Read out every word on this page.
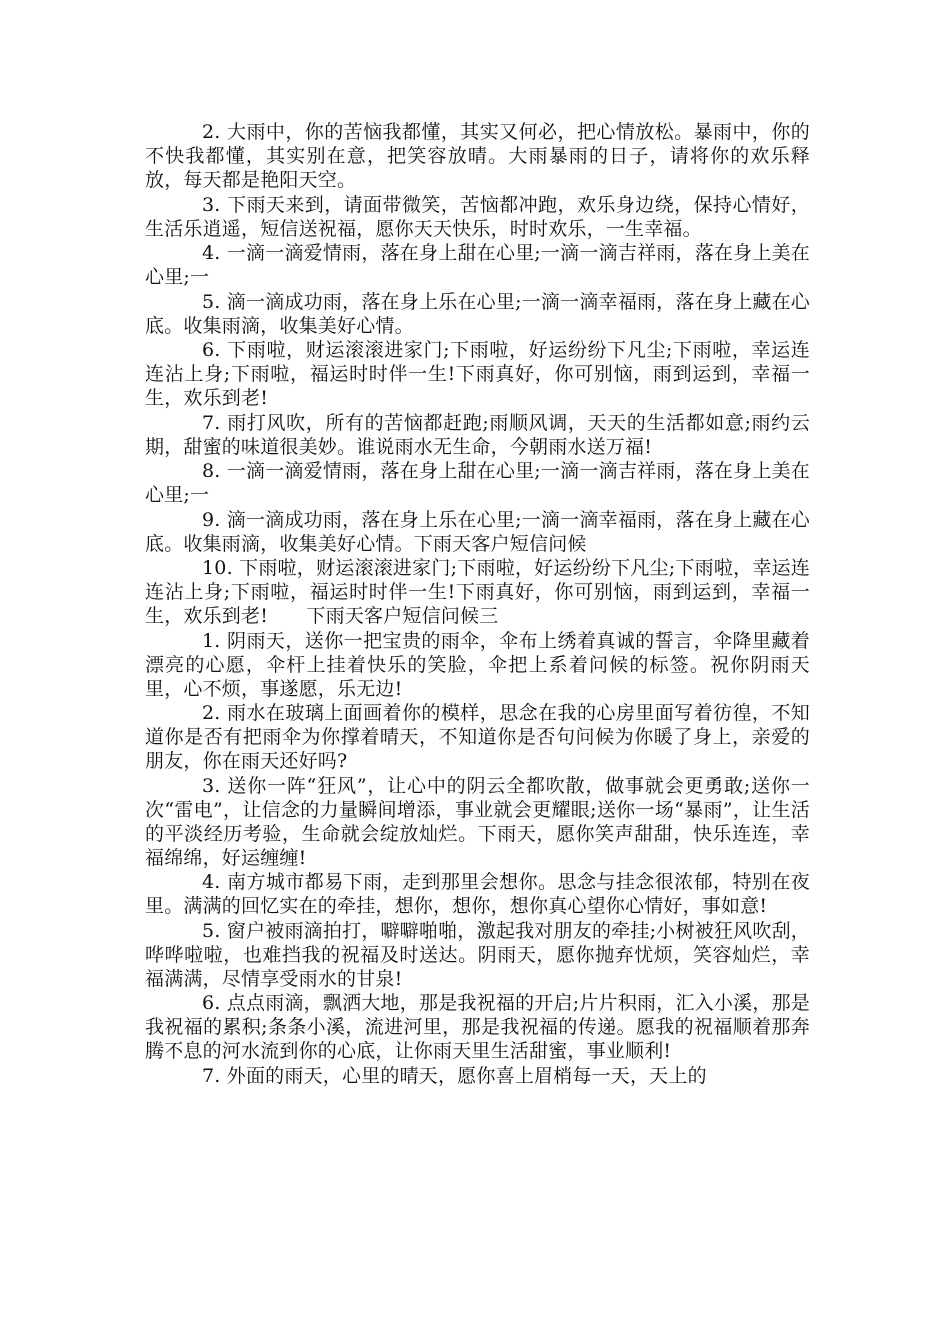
2. 大雨中，你的苦恼我都懂，其实又何必，把心情放松。暴雨中，你的不快我都懂，其实别在意，把笑容放晴。大雨暴雨的日子，请将你的欢乐释放，每天都是艳阳天空。

3. 下雨天来到，请面带微笑，苦恼都冲跑，欢乐身边绕，保持心情好，生活乐逍遥，短信送祝福，愿你天天快乐，时时欢乐，一生幸福。

4. 一滴一滴爱情雨，落在身上甜在心里;一滴一滴吉祥雨，落在身上美在心里;一

5. 滴一滴成功雨，落在身上乐在心里;一滴一滴幸福雨，落在身上藏在心底。收集雨滴，收集美好心情。

6. 下雨啦，财运滚滚进家门;下雨啦，好运纷纷下凡尘;下雨啦，幸运连连沾上身;下雨啦，福运时时伴一生!下雨真好，你可别恼，雨到运到，幸福一生，欢乐到老!

7. 雨打风吹，所有的苦恼都赶跑;雨顺风调，天天的生活都如意;雨约云期，甜蜜的味道很美妙。谁说雨水无生命，今朝雨水送万福!

8. 一滴一滴爱情雨，落在身上甜在心里;一滴一滴吉祥雨，落在身上美在心里;一

9. 滴一滴成功雨，落在身上乐在心里;一滴一滴幸福雨，落在身上藏在心底。收集雨滴，收集美好心情。下雨天客户短信问候

10. 下雨啦，财运滚滚进家门;下雨啦，好运纷纷下凡尘;下雨啦，幸运连连沾上身;下雨啦，福运时时伴一生!下雨真好，你可别恼，雨到运到，幸福一生，欢乐到老!　　下雨天客户短信问候三

1. 阴雨天，送你一把宝贵的雨伞，伞布上绣着真诚的誓言，伞降里藏着漂亮的心愿，伞杆上挂着快乐的笑脸，伞把上系着问候的标签。祝你阴雨天里，心不烦，事遂愿，乐无边!

2. 雨水在玻璃上面画着你的模样，思念在我的心房里面写着彷徨，不知道你是否有把雨伞为你撑着晴天，不知道你是否句问候为你暖了身上，亲爱的朋友，你在雨天还好吗?

3. 送你一阵“狂风”，让心中的阴云全都吹散，做事就会更勇敢;送你一次“雷电”，让信念的力量瞬间增添，事业就会更耀眼;送你一场“暴雨”，让生活的平淡经历考验，生命就会绽放灿烂。下雨天，愿你笑声甜甜，快乐连连，幸福绵绵，好运缠缠!

4. 南方城市都易下雨，走到那里会想你。思念与挂念很浓郁，特别在夜里。满满的回忆实在的牵挂，想你，想你，想你真心望你心情好，事如意!

5. 窗户被雨滴拍打，噼噼啪啪，激起我对朋友的牵挂;小树被狂风吹刮，哗哗啦啦，也难挡我的祝福及时送达。阴雨天，愿你抛弃忧烦，笑容灿烂，幸福满满，尽情享受雨水的甘泉!

6. 点点雨滴，飘洒大地，那是我祝福的开启;片片积雨，汇入小溪，那是我祝福的累积;条条小溪，流进河里，那是我祝福的传递。愿我的祝福顺着那奔腾不息的河水流到你的心底，让你雨天里生活甜蜜，事业顺利!

7. 外面的雨天，心里的晴天，愿你喜上眉梢每一天，天上的
